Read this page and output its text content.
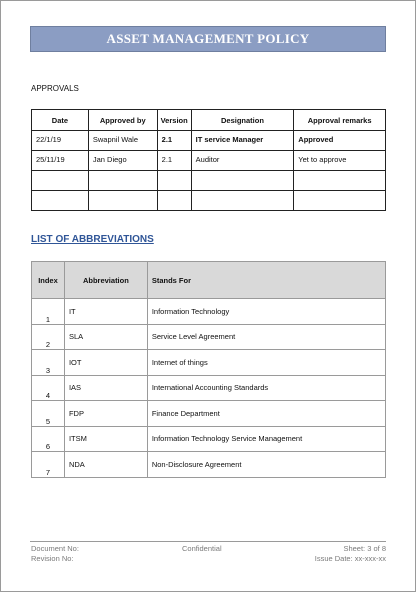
ASSET MANAGEMENT POLICY
APPROVALS
Date	Approved by	Version	Designation	Approval remarks
22/1/19	Swapnil Wale	2.1	IT service Manager	Approved
25/11/19	Jan Diego	2.1	Auditor	Yet to approve

LIST OF ABBREVIATIONS
Index	Abbreviation	Stands For
1	IT	Information Technology
2	SLA	Service Level Agreement
3	IOT	Internet of things
4	IAS	International Accounting Standards
5	FDP	Finance Department
6	ITSM	Information Technology Service Management
7	NDA	Non-Disclosure Agreement
Document No:
Revision No:
Confidential	Sheet: 3 of 8
Issue Date: xx-xxx-xx
